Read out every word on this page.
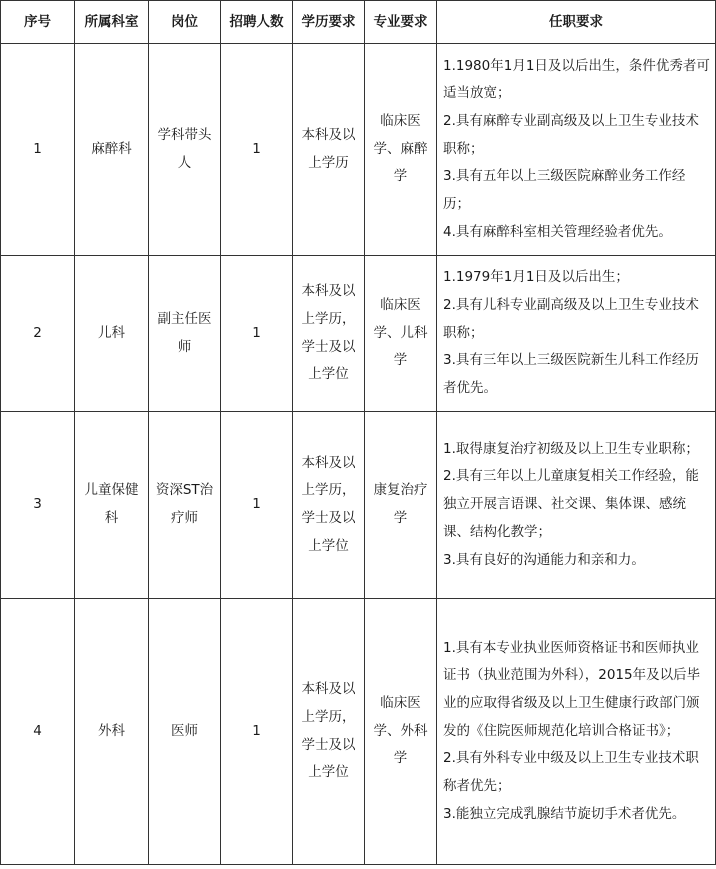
序号	所属科室	岗位	招聘人数	学历要求	专业要求	任职要求
1	麻醉科	学科带头人	1	本科及以上学历	临床医学、麻醉学	1.1980年1月1日及以后出生，条件优秀者可适当放宽；
2.具有麻醉专业副高级及以上卫生专业技术职称；
3.具有五年以上三级医院麻醉业务工作经历；
4.具有麻醉科室相关管理经验者优先。

2	儿科	副主任医师	1	本科及以上学历，学士及以上学位	临床医学、儿科学	1.1979年1月1日及以后出生；
2.具有儿科专业副高级及以上卫生专业技术职称；
3.具有三年以上三级医院新生儿科工作经历者优先。

3	儿童保健科	资深ST治疗师	1	本科及以上学历，学士及以上学位	康复治疗学	1.取得康复治疗初级及以上卫生专业职称；
2.具有三年以上儿童康复相关工作经验，能独立开展言语课、社交课、集体课、感统课、结构化教学；
3.具有良好的沟通能力和亲和力。

4	外科	医师	1	本科及以上学历，学士及以上学位	临床医学、外科学	1.具有本专业执业医师资格证书和医师执业证书（执业范围为外科），2015年及以后毕业的应取得省级及以上卫生健康行政部门颁发的《住院医师规范化培训合格证书》；
2.具有外科专业中级及以上卫生专业技术职称者优先；
3.能独立完成乳腺结节旋切手术者优先。
